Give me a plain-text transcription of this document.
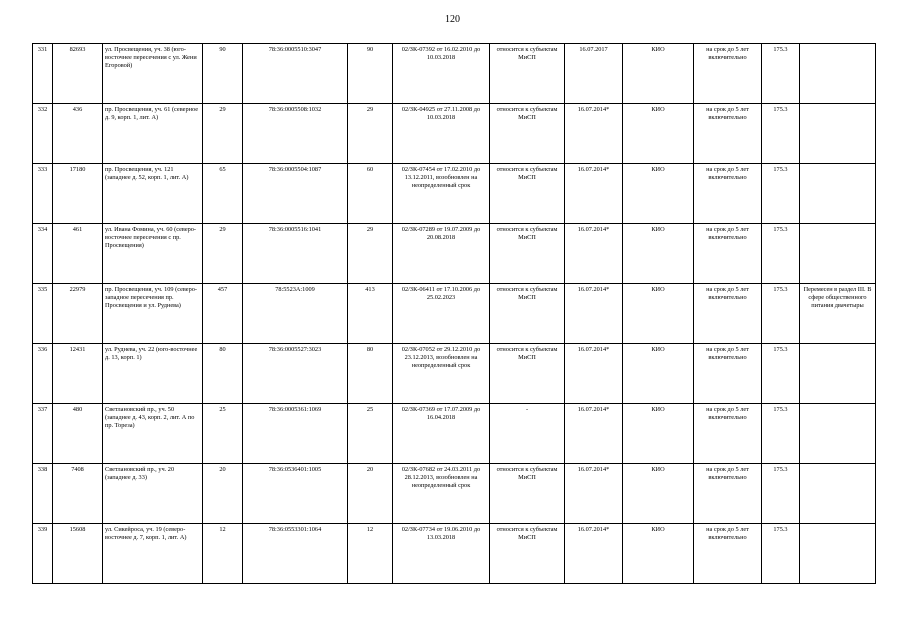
120
331	82693	ул. Просвещения, уч. 38 (юго-восточнее пересечения с ул. Жени Егоровой)	90	78:36:0005510:3047	90	02/ЗК-07392 от 16.02.2010 до 10.03.2018	относится к субъектам МиСП	16.07.2017	КИО	на срок до 5 лет включительно	175.3	
332	436	пр. Просвещения, уч. 61 (северное д. 9, корп. 1, лит. А)	29	78:36:0005508:1032	29	02/ЗК-04925 от 27.11.2008 до 10.03.2018	относится к субъектам МиСП	16.07.2014*	КИО	на срок до 5 лет включительно	175.3	
333	17180	пр. Просвещения, уч. 121 (западнее д. 52, корп. 1, лит. А)	65	78:36:0005504:1087	60	02/ЗК-07454 от 17.02.2010 до 13.12.2011, возобновлен на неопределенный срок	относится к субъектам МиСП	16.07.2014*	КИО	на срок до 5 лет включительно	175.3	
334	461	ул. Ивана Фомина, уч. 60 (северо-восточнее пересечения с пр. Просвещения)	29	78:36:0005516:1041	29	02/ЗК-07289 от 19.07.2009 до 20.08.2018	относится к субъектам МиСП	16.07.2014*	КИО	на срок до 5 лет включительно	175.3	
335	22979	пр. Просвещения, уч. 109 (северо-западное пересечения пр. Просвещения и ул. Руднева)	457	78:5523А:1009	413	02/ЗК-06411 от 17.10.2006 до 25.02.2023	относится к субъектам МиСП	16.07.2014*	КИО	на срок до 5 лет включительно	175.3	Перемеcен в раздел III. В сфере общественного питания двачетыры
336	12431	ул. Руднева, уч. 22 (юго-восточнее д. 13, корп. 1)	80	78:36:0005527:3023	80	02/ЗК-07052 от 29.12.2010 до 23.12.2013, возобновлен на неопределенный срок	относится к субъектам МиСП	16.07.2014*	КИО	на срок до 5 лет включительно	175.3	
337	480	Светлановский пр., уч. 50 (западнее д. 43, корп. 2, лит. А по пр. Тореза)	25	78:36:0005361:1069	25	02/ЗК-07369 от 17.07.2009 до 16.04.2018	-	16.07.2014*	КИО	на срок до 5 лет включительно	175.3	
338	7408	Светлановский пр., уч. 20 (западнее д. 33)	20	78:36:0536401:1005	20	02/ЗК-07682 от 24.03.2011 до 28.12.2013, возобновлен на неопределенный срок	относится к субъектам МиСП	16.07.2014*	КИО	на срок до 5 лет включительно	175.3	
339	15608	ул. Сикейроса, уч. 19 (северо-восточнее д. 7, корп. 1, лит. А)	12	78:36:0553301:1064	12	02/ЗК-07734 от 19.06.2010 до 13.03.2018	относится к субъектам МиСП	16.07.2014*	КИО	на срок до 5 лет включительно	175.3	
